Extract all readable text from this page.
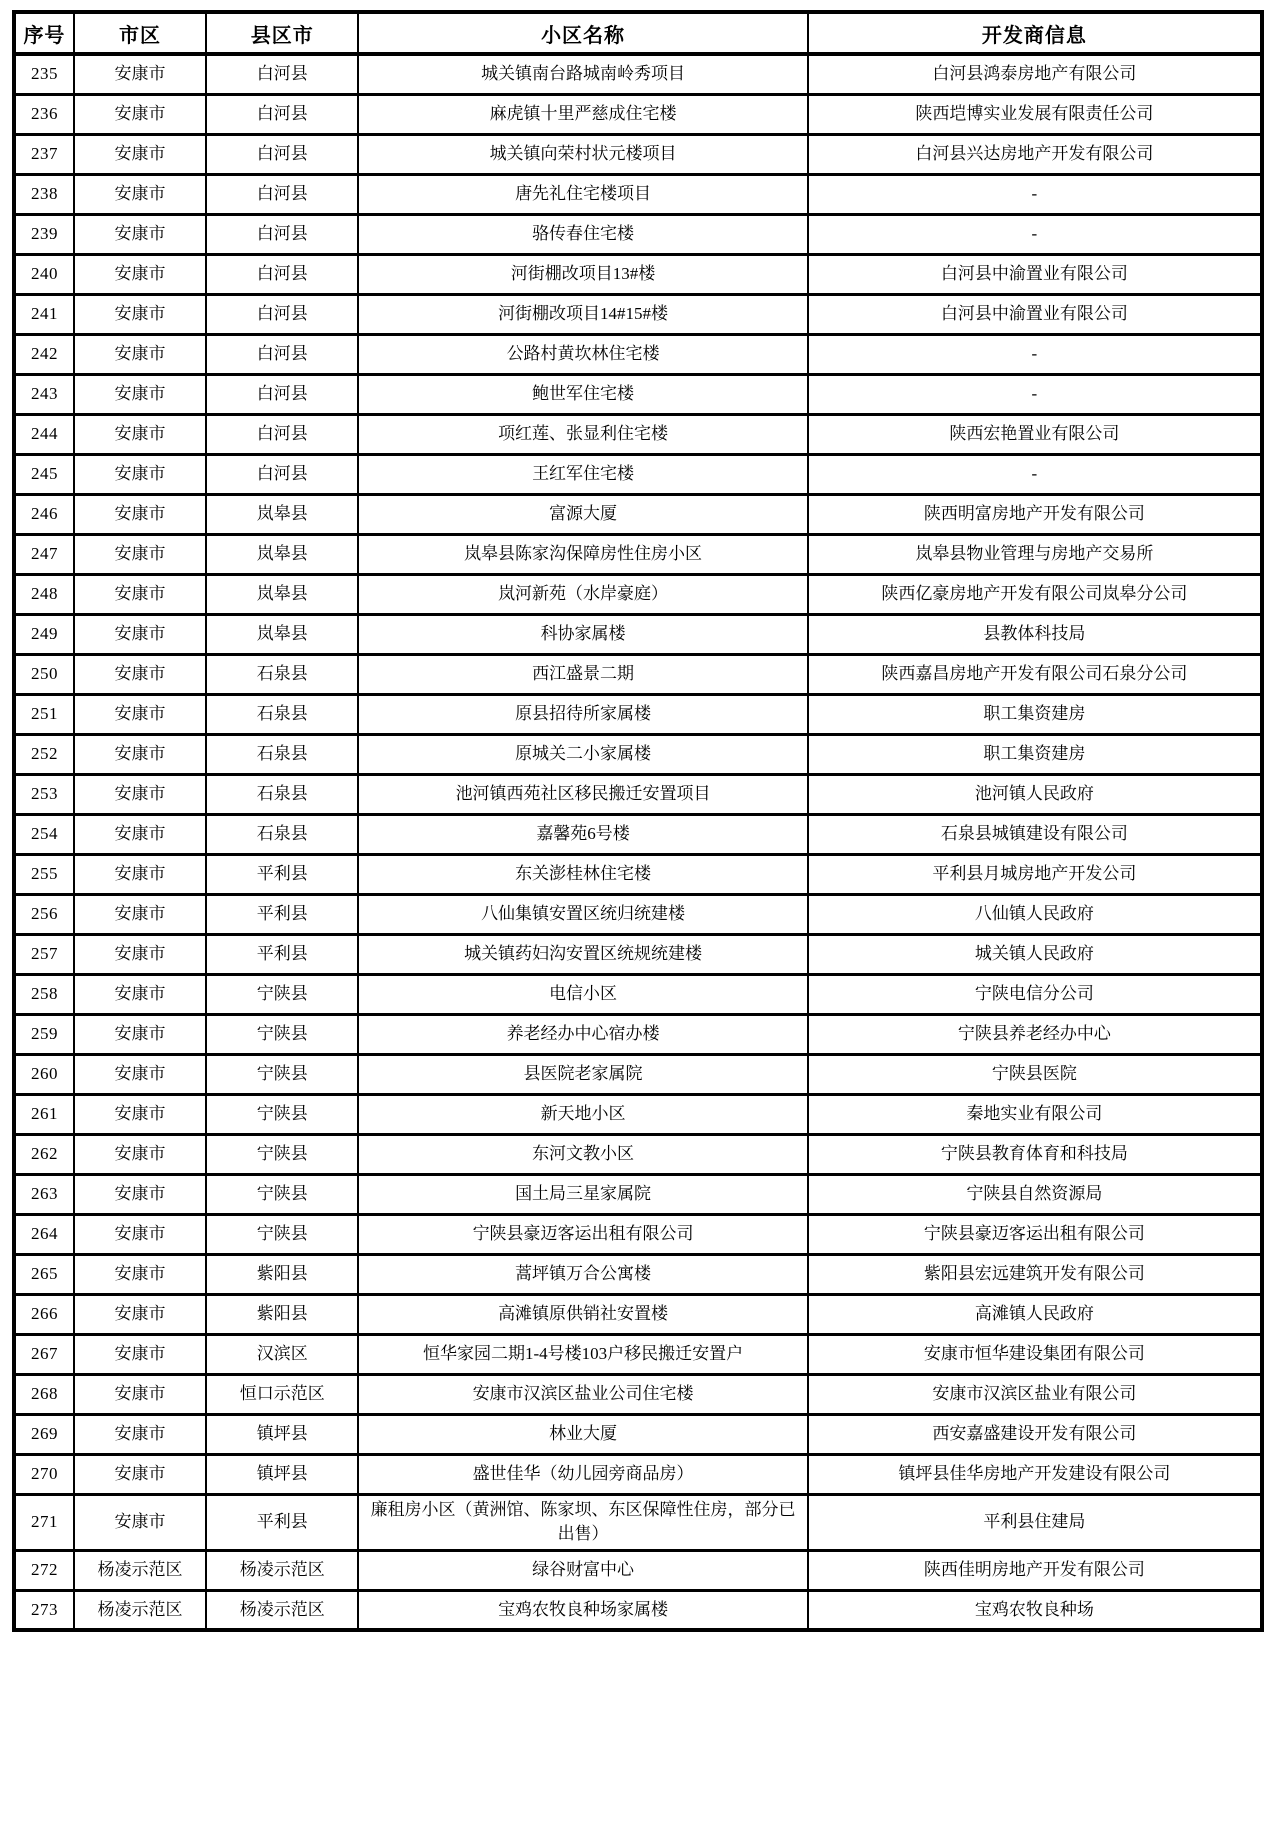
序号	市区	县区市	小区名称	开发商信息
235	安康市	白河县	城关镇南台路城南岭秀项目	白河县鸿泰房地产有限公司
236	安康市	白河县	麻虎镇十里严慈成住宅楼	陕西垲博实业发展有限责任公司
237	安康市	白河县	城关镇向荣村状元楼项目	白河县兴达房地产开发有限公司
238	安康市	白河县	唐先礼住宅楼项目	-
239	安康市	白河县	骆传春住宅楼	-
240	安康市	白河县	河街棚改项目13#楼	白河县中渝置业有限公司
241	安康市	白河县	河街棚改项目14#15#楼	白河县中渝置业有限公司
242	安康市	白河县	公路村黄坎林住宅楼	-
243	安康市	白河县	鲍世军住宅楼	-
244	安康市	白河县	项红莲、张显利住宅楼	陕西宏艳置业有限公司
245	安康市	白河县	王红军住宅楼	-
246	安康市	岚皋县	富源大厦	陕西明富房地产开发有限公司
247	安康市	岚皋县	岚皋县陈家沟保障房性住房小区	岚皋县物业管理与房地产交易所
248	安康市	岚皋县	岚河新苑（水岸豪庭）	陕西亿豪房地产开发有限公司岚皋分公司
249	安康市	岚皋县	科协家属楼	县教体科技局
250	安康市	石泉县	西江盛景二期	陕西嘉昌房地产开发有限公司石泉分公司
251	安康市	石泉县	原县招待所家属楼	职工集资建房
252	安康市	石泉县	原城关二小家属楼	职工集资建房
253	安康市	石泉县	池河镇西苑社区移民搬迁安置项目	池河镇人民政府
254	安康市	石泉县	嘉馨苑6号楼	石泉县城镇建设有限公司
255	安康市	平利县	东关澎桂林住宅楼	平利县月城房地产开发公司
256	安康市	平利县	八仙集镇安置区统归统建楼	八仙镇人民政府
257	安康市	平利县	城关镇药妇沟安置区统规统建楼	城关镇人民政府
258	安康市	宁陕县	电信小区	宁陕电信分公司
259	安康市	宁陕县	养老经办中心宿办楼	宁陕县养老经办中心
260	安康市	宁陕县	县医院老家属院	宁陕县医院
261	安康市	宁陕县	新天地小区	秦地实业有限公司
262	安康市	宁陕县	东河文教小区	宁陕县教育体育和科技局
263	安康市	宁陕县	国土局三星家属院	宁陕县自然资源局
264	安康市	宁陕县	宁陕县豪迈客运出租有限公司	宁陕县豪迈客运出租有限公司
265	安康市	紫阳县	蒿坪镇万合公寓楼	紫阳县宏远建筑开发有限公司
266	安康市	紫阳县	高滩镇原供销社安置楼	高滩镇人民政府
267	安康市	汉滨区	恒华家园二期1-4号楼103户移民搬迁安置户	安康市恒华建设集团有限公司
268	安康市	恒口示范区	安康市汉滨区盐业公司住宅楼	安康市汉滨区盐业有限公司
269	安康市	镇坪县	林业大厦	西安嘉盛建设开发有限公司
270	安康市	镇坪县	盛世佳华（幼儿园旁商品房）	镇坪县佳华房地产开发建设有限公司
271	安康市	平利县	廉租房小区（黄洲馆、陈家坝、东区保障性住房，部分已出售）	平利县住建局
272	杨凌示范区	杨凌示范区	绿谷财富中心	陕西佳明房地产开发有限公司
273	杨凌示范区	杨凌示范区	宝鸡农牧良种场家属楼	宝鸡农牧良种场
